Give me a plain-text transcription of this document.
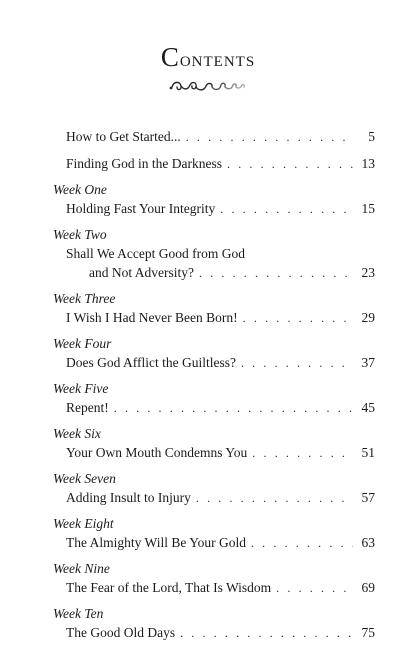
Contents
How to Get Started... . . .	5
Finding God in the Darkness . . .	13
Week One
Holding Fast Your Integrity . . .	15
Week Two
Shall We Accept Good from God
and Not Adversity? . . .	23
Week Three
I Wish I Had Never Been Born! . . .	29
Week Four
Does God Afflict the Guiltless? . . .	37
Week Five
Repent! . . .	45
Week Six
Your Own Mouth Condemns You . . .	51
Week Seven
Adding Insult to Injury . . .	57
Week Eight
The Almighty Will Be Your Gold . . .	63
Week Nine
The Fear of the Lord, That Is Wisdom . . .	69
Week Ten
The Good Old Days . . .	75
